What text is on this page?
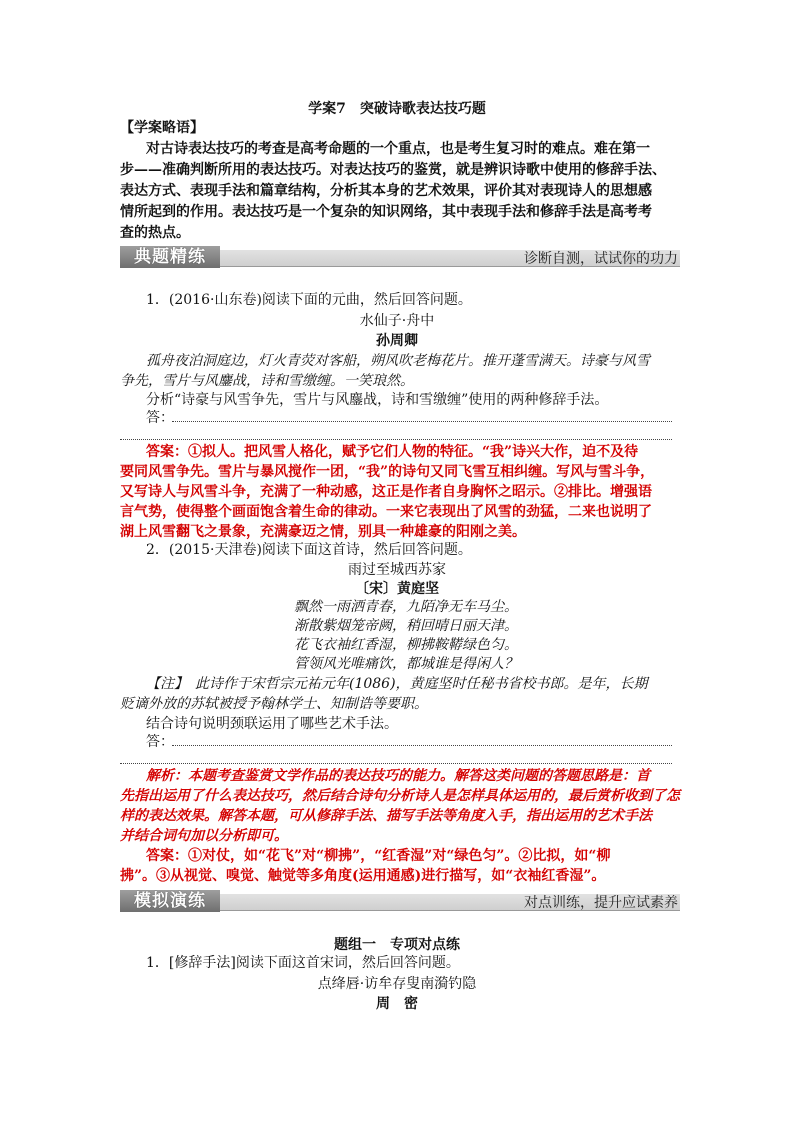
学案7　突破诗歌表达技巧题
【学案略语】
对古诗表达技巧的考查是高考命题的一个重点，也是考生复习时的难点。难在第一
步——准确判断所用的表达技巧。对表达技巧的鉴赏，就是辨识诗歌中使用的修辞手法、
表达方式、表现手法和篇章结构，分析其本身的艺术效果，评价其对表现诗人的思想感
情所起到的作用。表达技巧是一个复杂的知识网络，其中表现手法和修辞手法是高考考
查的热点。
典题精练	诊断自测，试试你的功力
1．(2016·山东卷)阅读下面的元曲，然后回答问题。
水仙子·舟中
孙周卿
孤舟夜泊洞庭边，灯火青荧对客船，朔风吹老梅花片。推开蓬雪满天。诗豪与风雪
争先，雪片与风鏖战，诗和雪缴缠。一笑琅然。
分析“诗豪与风雪争先，雪片与风鏖战，诗和雪缴缠”使用的两种修辞手法。
答：
答案：①拟人。把风雪人格化，赋予它们人物的特征。“我”诗兴大作，迫不及待
要同风雪争先。雪片与暴风搅作一团，“我”的诗句又同飞雪互相纠缠。写风与雪斗争，
又写诗人与风雪斗争，充满了一种动感，这正是作者自身胸怀之昭示。②排比。增强语
言气势，使得整个画面饱含着生命的律动。一来它表现出了风雪的劲猛，二来也说明了
湖上风雪翻飞之景象，充满豪迈之情，别具一种雄豪的阳刚之美。
2．(2015·天津卷)阅读下面这首诗，然后回答问题。
雨过至城西苏家
〔宋〕黄庭坚
飘然一雨洒青春，九陌净无车马尘。
渐散紫烟笼帝阙，稍回晴日丽天津。
花飞衣袖红香湿，柳拂鞍鞯绿色匀。
管领风光唯痛饮，都城谁是得闲人？
【注】　此诗作于宋哲宗元祐元年(1086)，黄庭坚时任秘书省校书郎。是年，长期
贬谪外放的苏轼被授予翰林学士、知制诰等要职。
结合诗句说明颈联运用了哪些艺术手法。
答：
解析：本题考查鉴赏文学作品的表达技巧的能力。解答这类问题的答题思路是：首
先指出运用了什么表达技巧，然后结合诗句分析诗人是怎样具体运用的，最后赏析收到了怎
样的表达效果。解答本题，可从修辞手法、描写手法等角度入手，指出运用的艺术手法
并结合词句加以分析即可。
答案：①对仗，如“花飞”对“柳拂”，“红香湿”对“绿色匀”。②比拟，如“柳
拂”。③从视觉、嗅觉、触觉等多角度(运用通感)进行描写，如“衣袖红香湿”。
模拟演练	对点训练，提升应试素养
题组一　专项对点练
1．[修辞手法]阅读下面这首宋词，然后回答问题。
点绛唇·访牟存叟南漪钓隐
周　密
